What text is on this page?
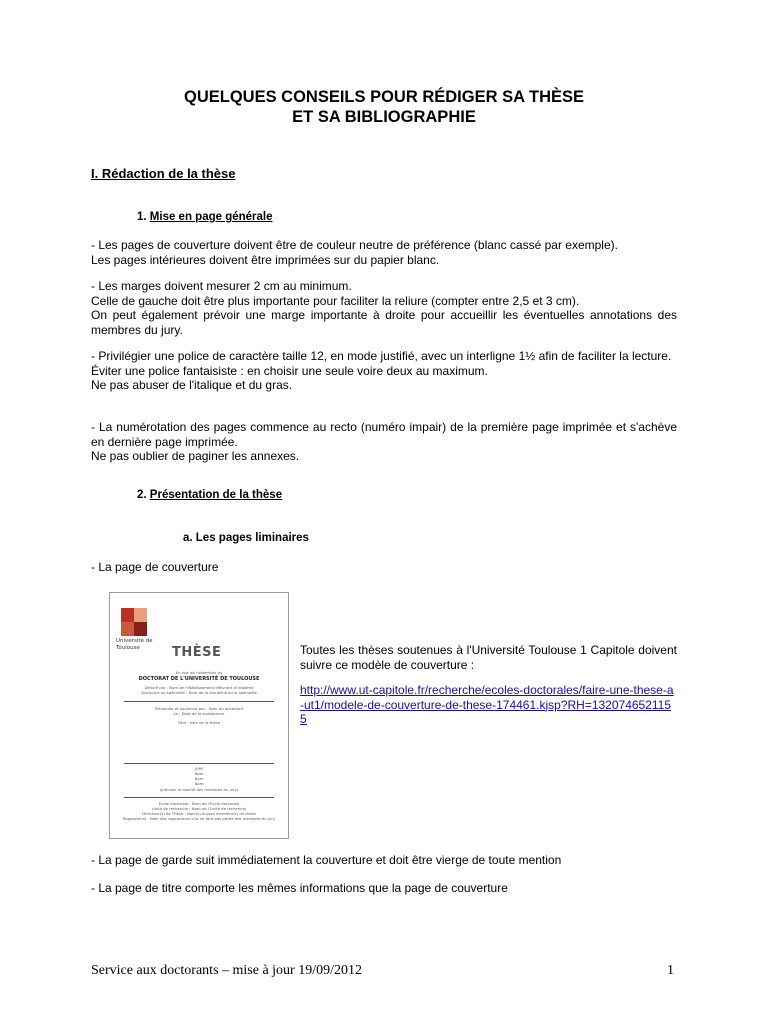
QUELQUES CONSEILS POUR RÉDIGER SA THÈSE
ET SA BIBLIOGRAPHIE
I. Rédaction de la thèse
1. Mise en page générale
- Les pages de couverture doivent être de couleur neutre de préférence (blanc cassé par exemple).
Les pages intérieures doivent être imprimées sur du papier blanc.
- Les marges doivent mesurer 2 cm au minimum.
Celle de gauche doit être plus importante pour faciliter la reliure (compter entre 2,5 et 3 cm).
On peut également prévoir une marge importante à droite pour accueillir les éventuelles annotations des membres du jury.
- Privilégier une police de caractère taille 12, en mode justifié, avec un interligne 1½ afin de faciliter la lecture.
Éviter une police fantaisiste : en choisir une seule voire deux au maximum.
Ne pas abuser de l'italique et du gras.
- La numérotation des pages commence au recto (numéro impair) de la première page imprimée et s'achève en dernière page imprimée.
Ne pas oublier de paginer les annexes.
2. Présentation de la thèse
a. Les pages liminaires
- La page de couverture
Université de Toulouse	THÈSE
En vue de l'obtention du
DOCTORAT DE L'UNIVERSITÉ DE TOULOUSE
Délivré par : Nom de l'établissement délivrant le diplôme
Discipline ou spécialité : Nom de la discipline ou la spécialité
Présentée et soutenue par : Nom du doctorant
Le : Date de la soutenance
Titre : titre de la thèse
JURY
Nom
Nom
Nom
(préciser la qualité des membres du jury)
École doctorale : Nom de l'École doctorale
Unité de recherche : Nom de l'Unité de recherche
Directeur(s) de Thèse : Nom(s) du/des directeur(s) de thèse
Rapporteurs : Nom des rapporteurs s'ils ne font pas partie des membres du jury
Toutes les thèses soutenues à l'Université Toulouse 1 Capitole doivent suivre ce modèle de couverture :
http://www.ut-capitole.fr/recherche/ecoles-doctorales/faire-une-these-a-ut1/modele-de-couverture-de-these-174461.kjsp?RH=1320746521155
- La page de garde suit immédiatement la couverture et doit être vierge de toute mention
- La page de titre comporte les mêmes informations que la page de couverture
Service aux doctorants – mise à jour 19/09/2012	1
